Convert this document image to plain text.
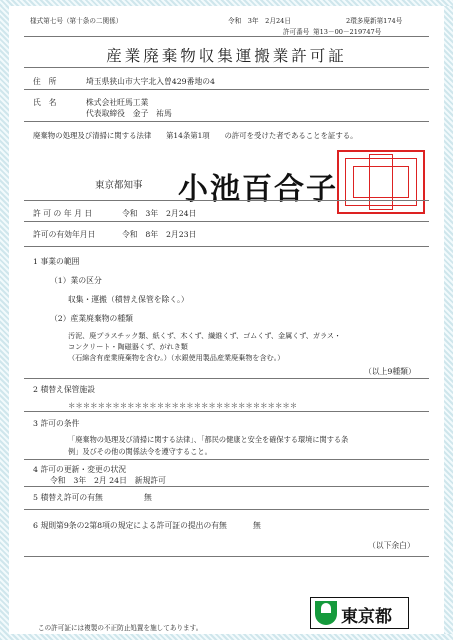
様式第七号（第十条の二関係）	令和　3年　2月24日	2環多廃新第174号
許可番号 第13－00－219747号
産業廃棄物収集運搬業許可証
住　所	埼玉県狭山市大字北入曽429番地の4
氏　名	株式会社旺馬工業
代表取締役　金子　祐馬
廃棄物の処理及び清掃に関する法律　　第14条第1項　　の許可を受けた者であることを証する。
東京都知事 小池百合子
許 可 の 年 月 日	令和　3年　2月24日
許可の有効年月日	令和　8年　2月23日
1 事業の範囲
（1）業の区分
収集・運搬（積替え保管を除く。）
（2）産業廃棄物の種類
汚泥、廃プラスチック類、紙くず、木くず、繊維くず、ゴムくず、金属くず、ガラス・
コンクリート・陶磁器くず、がれき類
（石綿含有産業廃棄物を含む。）（水銀使用製品産業廃棄物を含む。）
（以上9種類）
2 積替え保管施設
＊＊＊＊＊＊＊＊＊＊＊＊＊＊＊＊＊＊＊＊＊＊＊＊＊＊＊＊＊＊＊
3 許可の条件
「廃棄物の処理及び清掃に関する法律」、「都民の健康と安全を確保する環境に関する条
例」及びその他の関係法令を遵守すること。
4 許可の更新・変更の状況
令和　3年　2月 24日　新規許可
5 積替え許可の有無	無
6 規則第9条の2第8項の規定による許可証の提出の有無	無
（以下余白）
この許可証には複製の不正防止処置を施してあります。
東京都
